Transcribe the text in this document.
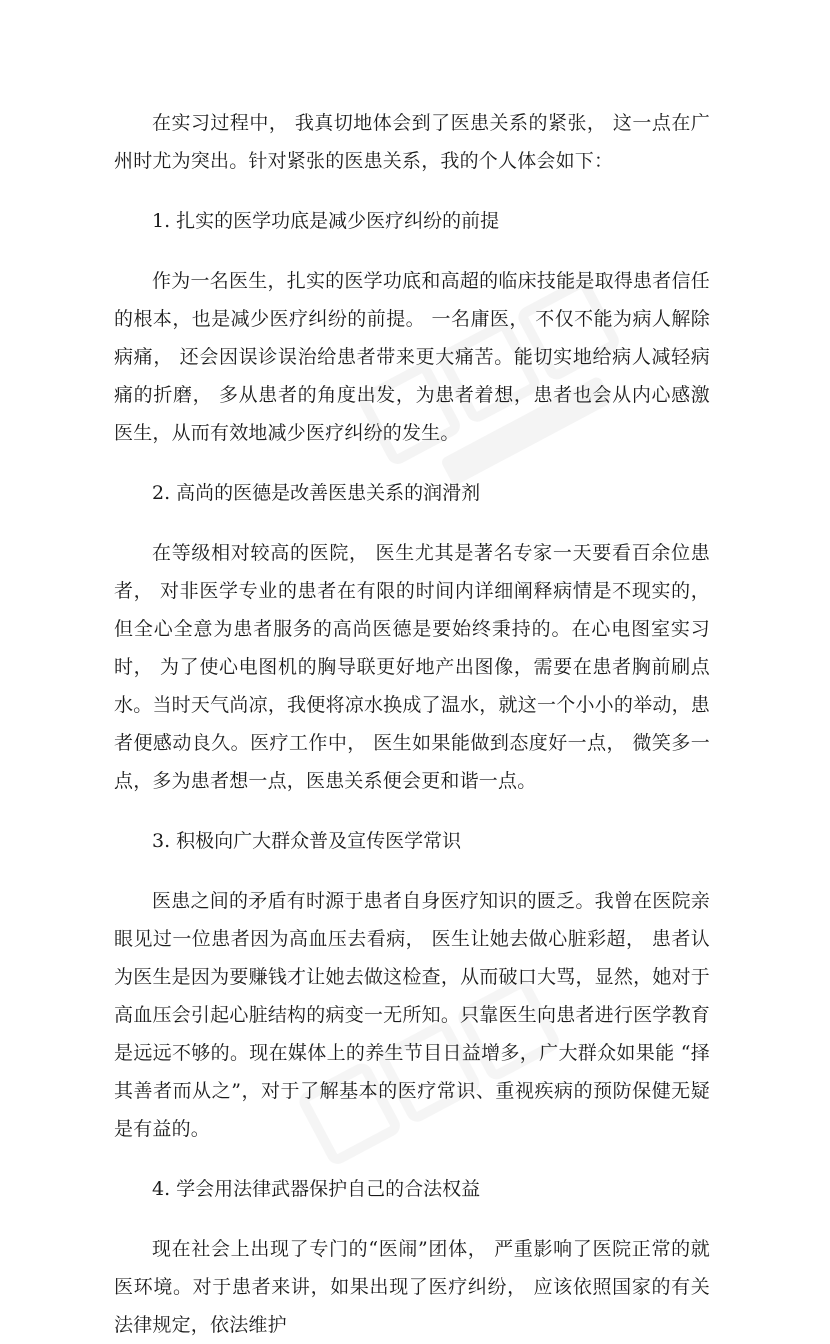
在实习过程中， 我真切地体会到了医患关系的紧张， 这一点在广州时尤为突出。针对紧张的医患关系，我的个人体会如下：

1. 扎实的医学功底是减少医疗纠纷的前提

作为一名医生，扎实的医学功底和高超的临床技能是取得患者信任的根本，也是减少医疗纠纷的前提。 一名庸医， 不仅不能为病人解除病痛， 还会因误诊误治给患者带来更大痛苦。能切实地给病人减轻病痛的折磨， 多从患者的角度出发，为患者着想，患者也会从内心感激医生，从而有效地减少医疗纠纷的发生。

2. 高尚的医德是改善医患关系的润滑剂

在等级相对较高的医院， 医生尤其是著名专家一天要看百余位患者， 对非医学专业的患者在有限的时间内详细阐释病情是不现实的，但全心全意为患者服务的高尚医德是要始终秉持的。在心电图室实习时， 为了使心电图机的胸导联更好地产出图像，需要在患者胸前刷点水。当时天气尚凉，我便将凉水换成了温水，就这一个小小的举动，患者便感动良久。医疗工作中， 医生如果能做到态度好一点， 微笑多一点，多为患者想一点，医患关系便会更和谐一点。

3. 积极向广大群众普及宣传医学常识

医患之间的矛盾有时源于患者自身医疗知识的匮乏。我曾在医院亲眼见过一位患者因为高血压去看病， 医生让她去做心脏彩超， 患者认为医生是因为要赚钱才让她去做这检查，从而破口大骂，显然，她对于高血压会引起心脏结构的病变一无所知。只靠医生向患者进行医学教育是远远不够的。现在媒体上的养生节目日益增多，广大群众如果能 “择其善者而从之”，对于了解基本的医疗常识、重视疾病的预防保健无疑是有益的。

4. 学会用法律武器保护自己的合法权益

现在社会上出现了专门的“医闹”团体， 严重影响了医院正常的就医环境。对于患者来讲，如果出现了医疗纠纷， 应该依照国家的有关法律规定，依法维护
